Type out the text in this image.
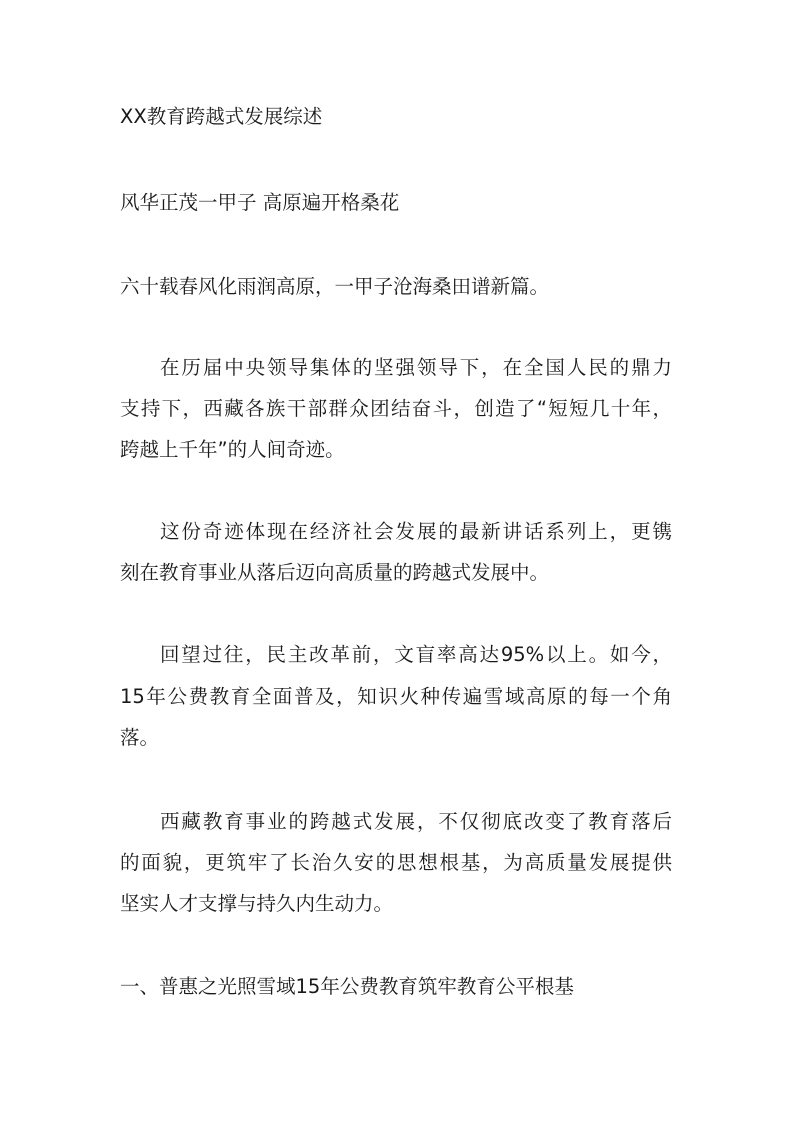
XX教育跨越式发展综述
风华正茂一甲子 高原遍开格桑花
六十载春风化雨润高原，一甲子沧海桑田谱新篇。
在历届中央领导集体的坚强领导下，在全国人民的鼎力
支持下，西藏各族干部群众团结奋斗，创造了“短短几十年，
跨越上千年”的人间奇迹。
这份奇迹体现在经济社会发展的最新讲话系列上，更镌
刻在教育事业从落后迈向高质量的跨越式发展中。
回望过往，民主改革前，文盲率高达95%以上。如今，
15年公费教育全面普及，知识火种传遍雪域高原的每一个角
落。
西藏教育事业的跨越式发展，不仅彻底改变了教育落后
的面貌，更筑牢了长治久安的思想根基，为高质量发展提供
坚实人才支撑与持久内生动力。
一、普惠之光照雪域15年公费教育筑牢教育公平根基
